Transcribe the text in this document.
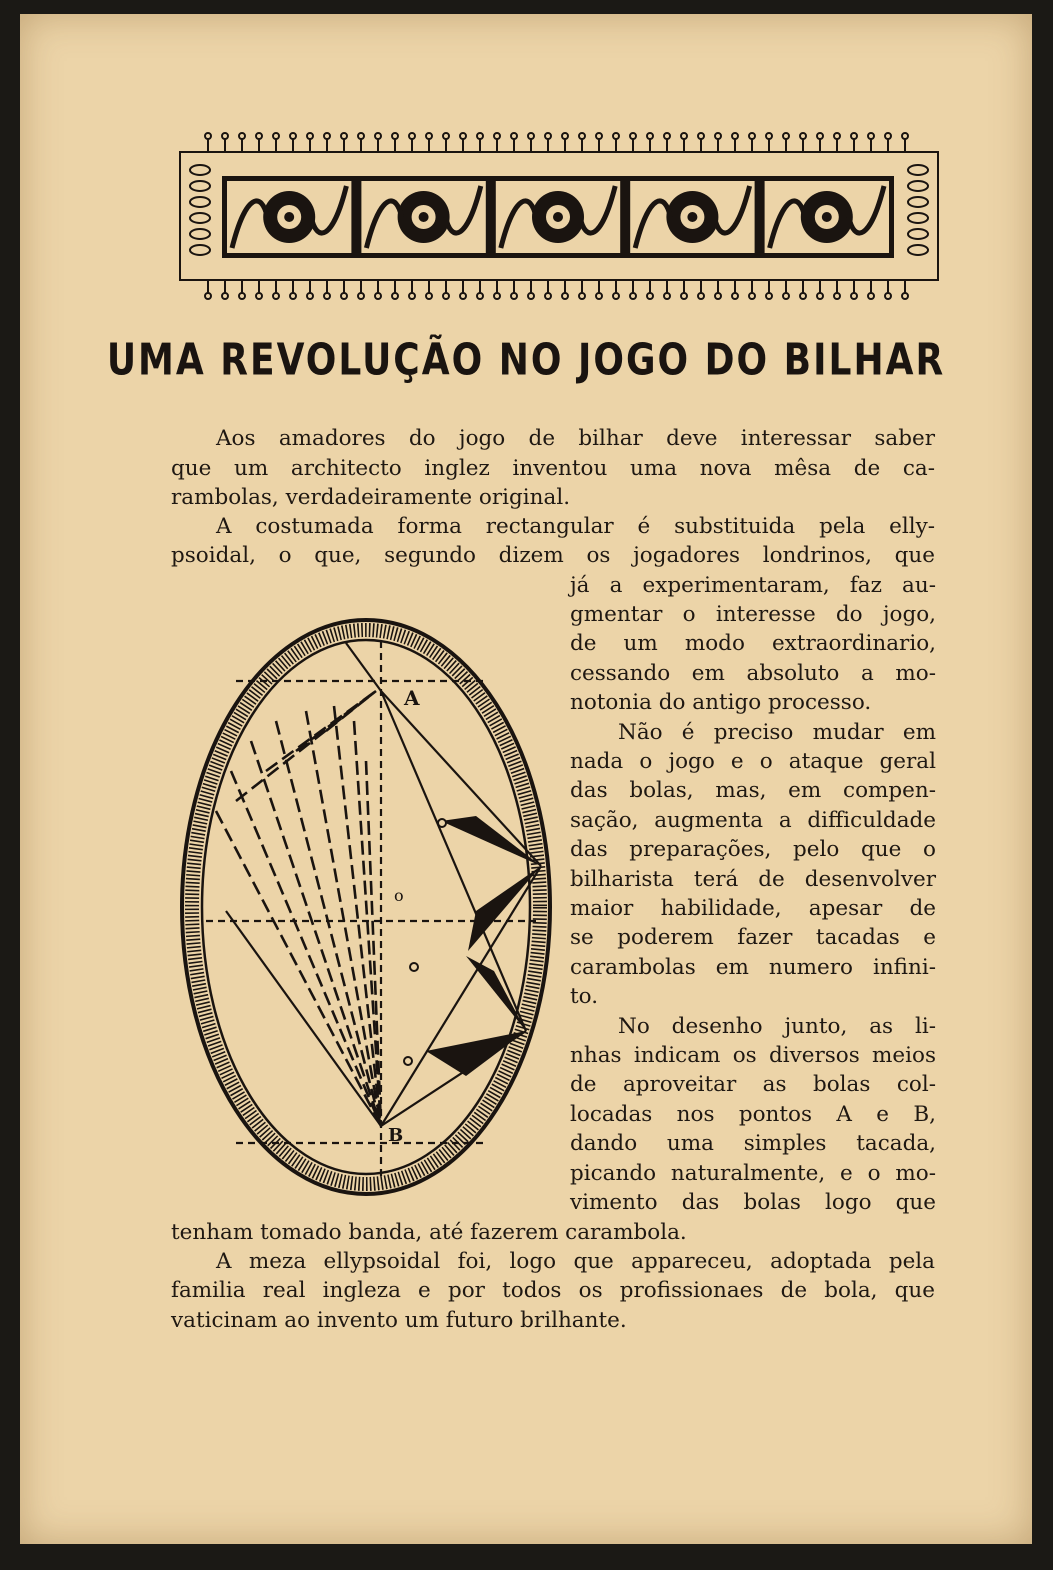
UMA REVOLUÇÃO NO JOGO DO BILHAR
Aos amadores do jogo de bilhar deve interessar saber
que um architecto inglez inventou uma nova mêsa de ca-
rambolas, verdadeiramente original.
A costumada forma rectangular é substituida pela elly-
psoidal, o que, segundo dizem os jogadores londrinos, que
já a experimentaram, faz au-
gmentar o interesse do jogo,
de um modo extraordinario,
cessando em absoluto a mo-
notonia do antigo processo.
Não é preciso mudar em
nada o jogo e o ataque geral
das bolas, mas, em compen-
sação, augmenta a difficuldade
das preparações, pelo que o
bilharista terá de desenvolver
maior habilidade, apesar de
se poderem fazer tacadas e
carambolas em numero infini-
to.
No desenho junto, as li-
nhas indicam os diversos meios
de aproveitar as bolas col-
locadas nos pontos A e B,
dando uma simples tacada,
picando naturalmente, e o mo-
vimento das bolas logo que
tenham tomado banda, até fazerem carambola.
A meza ellypsoidal foi, logo que appareceu, adoptada pela
familia real ingleza e por todos os profissionaes de bola, que
vaticinam ao invento um futuro brilhante.
A
B
o
